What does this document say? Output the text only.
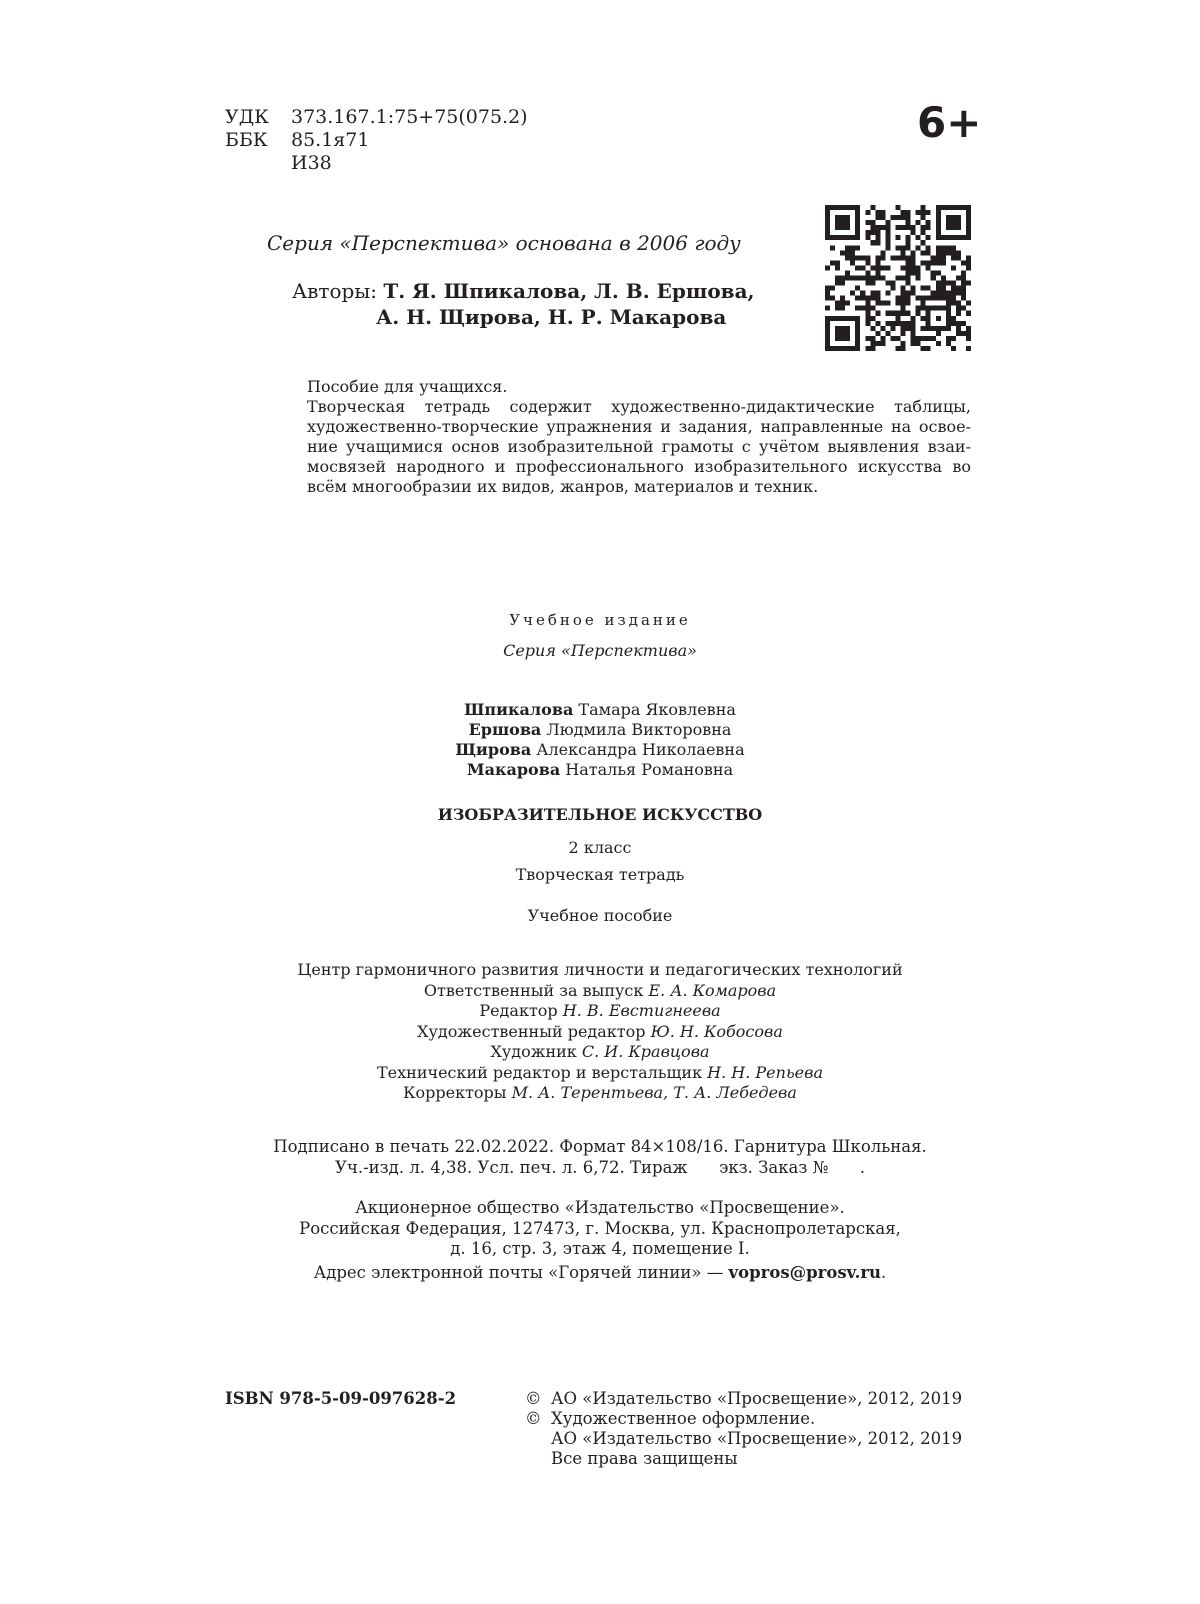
УДК	373.167.1:75+75(075.2)
ББК	85.1я71
И38
6+
Серия «Перспектива» основана в 2006 году
Авторы: Т. Я. Шпикалова, Л. В. Ершова,
А. Н. Щирова, Н. Р. Макарова

Пособие для учащихся.

Творческая тетрадь содержит художественно-дидактические таблицы, художественно-творческие упражнения и задания, направленные на освоение учащимися основ изобразительной грамоты с учётом выявления взаимосвязей народного и профессионального изобразительного искусства во всём многообразии их видов, жанров, материалов и техник.

Учебное издание
Серия «Перспектива»
Шпикалова Тамара Яковлевна
Ершова Людмила Викторовна
Щирова Александра Николаевна
Макарова Наталья Романовна
ИЗОБРАЗИТЕЛЬНОЕ ИСКУССТВО
2 класс
Творческая тетрадь
Учебное пособие
Центр гармоничного развития личности и педагогических технологий
Ответственный за выпуск Е. А. Комарова
Редактор Н. В. Евстигнеева
Художественный редактор Ю. Н. Кобосова
Художник С. И. Кравцова
Технический редактор и верстальщик Н. Н. Репьева
Корректоры М. А. Терентьева, Т. А. Лебедева
Подписано в печать 22.02.2022. Формат 84×108/16. Гарнитура Школьная.
Уч.-изд. л. 4,38. Усл. печ. л. 6,72. Тираж      экз. Заказ №      .
Акционерное общество «Издательство «Просвещение».
Российская Федерация, 127473, г. Москва, ул. Краснопролетарская,
д. 16, стр. 3, этаж 4, помещение I.
Адрес электронной почты «Горячей линии» — vopros@prosv.ru.
ISBN 978-5-09-097628-2	© АО «Издательство «Просвещение», 2012, 2019
© Художественное оформление.
АО «Издательство «Просвещение», 2012, 2019
Все права защищены
